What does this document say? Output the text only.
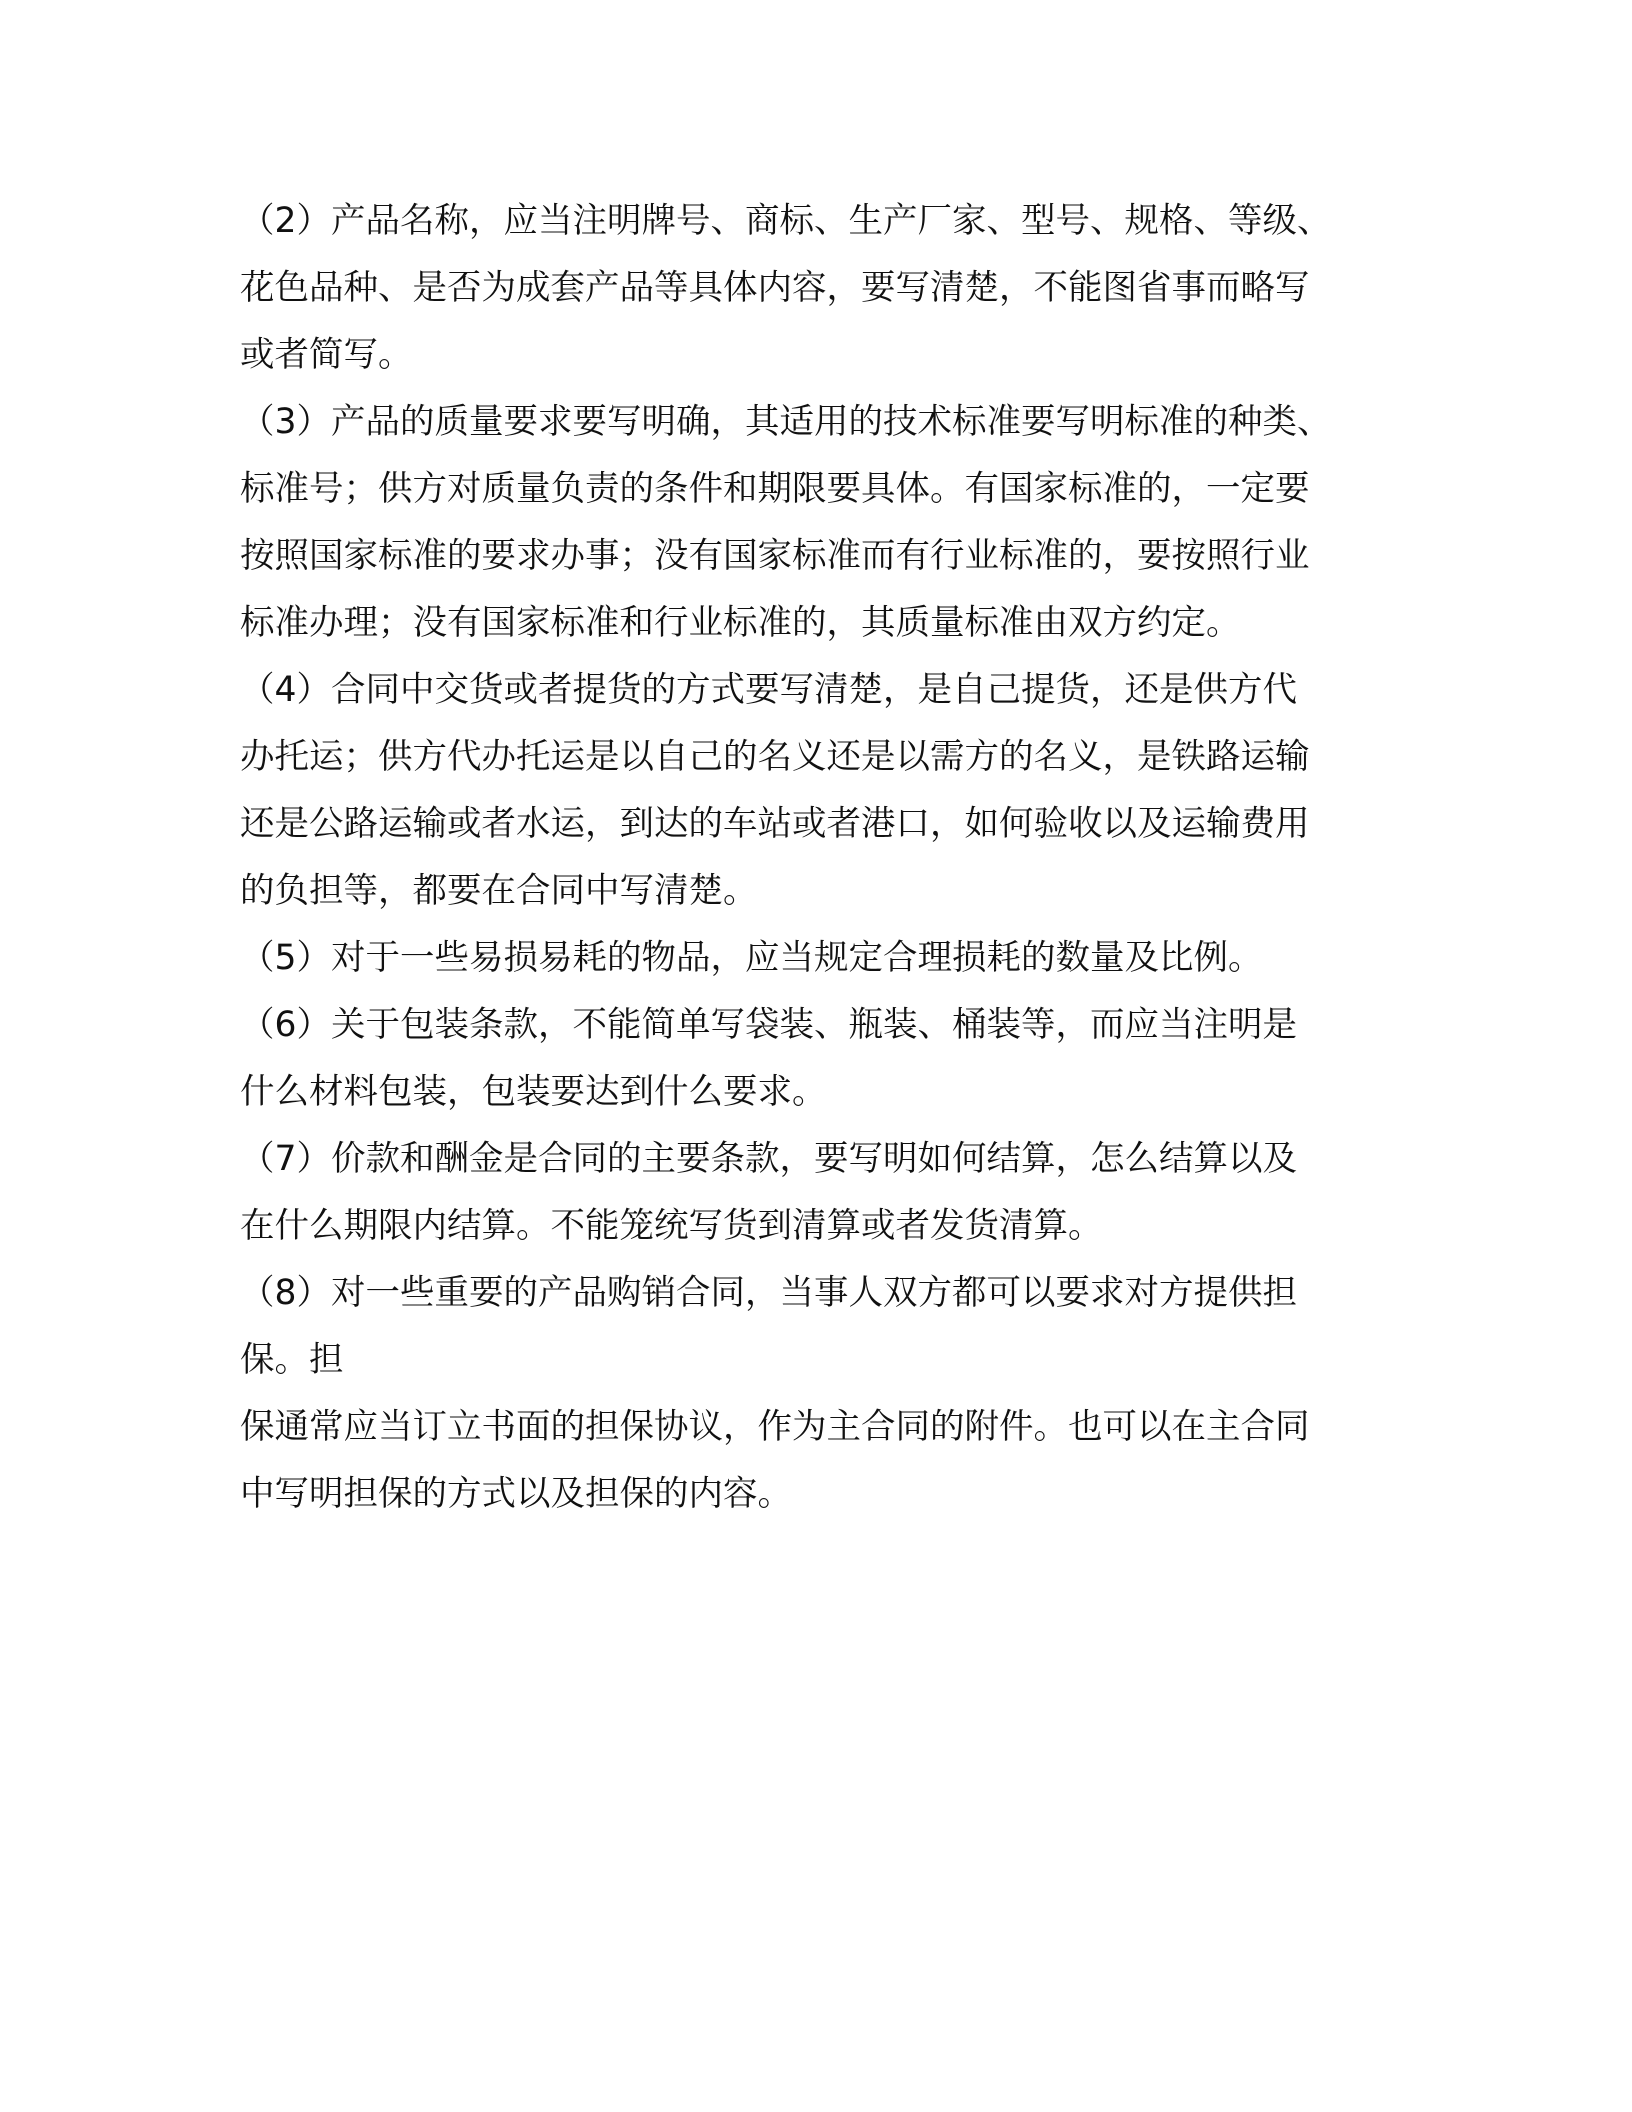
（2）产品名称，应当注明牌号、商标、生产厂家、型号、规格、等级、
花色品种、是否为成套产品等具体内容，要写清楚，不能图省事而略写
或者简写。

（3）产品的质量要求要写明确，其适用的技术标准要写明标准的种类、
标准号；供方对质量负责的条件和期限要具体。有国家标准的，一定要
按照国家标准的要求办事；没有国家标准而有行业标准的，要按照行业
标准办理；没有国家标准和行业标准的，其质量标准由双方约定。

（4）合同中交货或者提货的方式要写清楚，是自己提货，还是供方代
办托运；供方代办托运是以自己的名义还是以需方的名义，是铁路运输
还是公路运输或者水运，到达的车站或者港口，如何验收以及运输费用
的负担等，都要在合同中写清楚。

（5）对于一些易损易耗的物品，应当规定合理损耗的数量及比例。

（6）关于包装条款，不能简单写袋装、瓶装、桶装等，而应当注明是
什么材料包装，包装要达到什么要求。

（7）价款和酬金是合同的主要条款，要写明如何结算，怎么结算以及
在什么期限内结算。不能笼统写货到清算或者发货清算。

（8）对一些重要的产品购销合同，当事人双方都可以要求对方提供担
保。担
保通常应当订立书面的担保协议，作为主合同的附件。也可以在主合同
中写明担保的方式以及担保的内容。
